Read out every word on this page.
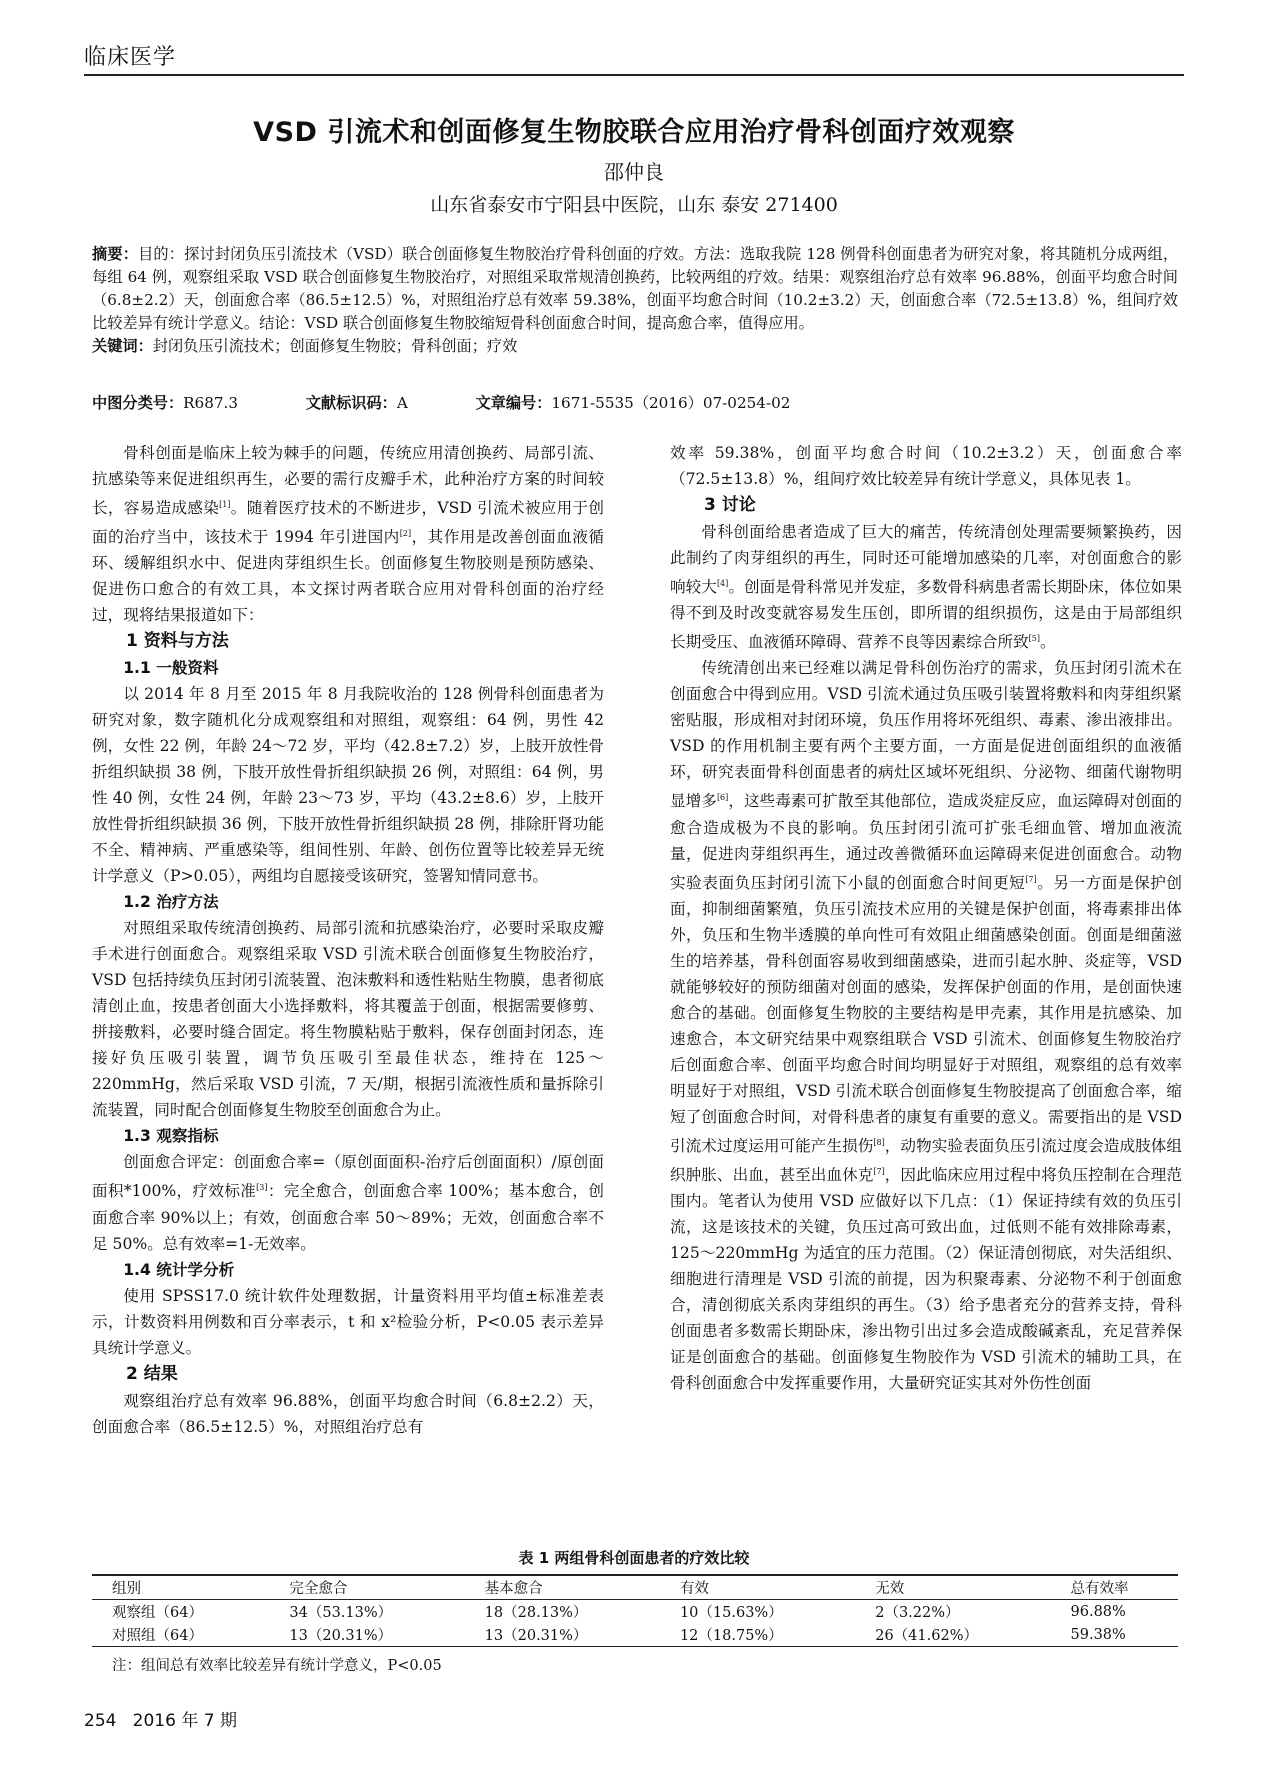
临床医学
VSD 引流术和创面修复生物胶联合应用治疗骨科创面疗效观察
邵仲良
山东省泰安市宁阳县中医院，山东 泰安 271400
摘要：目的：探讨封闭负压引流技术（VSD）联合创面修复生物胶治疗骨科创面的疗效。方法：选取我院 128 例骨科创面患者为研究对象，将其随机分成两组，每组 64 例，观察组采取 VSD 联合创面修复生物胶治疗，对照组采取常规清创换药，比较两组的疗效。结果：观察组治疗总有效率 96.88%，创面平均愈合时间（6.8±2.2）天，创面愈合率（86.5±12.5）%，对照组治疗总有效率 59.38%，创面平均愈合时间（10.2±3.2）天，创面愈合率（72.5±13.8）%，组间疗效比较差异有统计学意义。结论：VSD 联合创面修复生物胶缩短骨科创面愈合时间，提高愈合率，值得应用。
关键词：封闭负压引流技术；创面修复生物胶；骨科创面；疗效
中图分类号：R687.3	文献标识码：A	文章编号：1671-5535（2016）07-0254-02

骨科创面是临床上较为棘手的问题，传统应用清创换药、局部引流、抗感染等来促进组织再生，必要的需行皮瓣手术，此种治疗方案的时间较长，容易造成感染[1]。随着医疗技术的不断进步，VSD 引流术被应用于创面的治疗当中，该技术于 1994 年引进国内[2]，其作用是改善创面血液循环、缓解组织水中、促进肉芽组织生长。创面修复生物胶则是预防感染、促进伤口愈合的有效工具，本文探讨两者联合应用对骨科创面的治疗经过，现将结果报道如下：

1 资料与方法
1.1 一般资料

以 2014 年 8 月至 2015 年 8 月我院收治的 128 例骨科创面患者为研究对象，数字随机化分成观察组和对照组，观察组：64 例，男性 42 例，女性 22 例，年龄 24～72 岁，平均（42.8±7.2）岁，上肢开放性骨折组织缺损 38 例，下肢开放性骨折组织缺损 26 例，对照组：64 例，男性 40 例，女性 24 例，年龄 23～73 岁，平均（43.2±8.6）岁，上肢开放性骨折组织缺损 36 例，下肢开放性骨折组织缺损 28 例，排除肝肾功能不全、精神病、严重感染等，组间性别、年龄、创伤位置等比较差异无统计学意义（P>0.05），两组均自愿接受该研究，签署知情同意书。

1.2 治疗方法

对照组采取传统清创换药、局部引流和抗感染治疗，必要时采取皮瓣手术进行创面愈合。观察组采取 VSD 引流术联合创面修复生物胶治疗，VSD 包括持续负压封闭引流装置、泡沫敷料和透性粘贴生物膜，患者彻底清创止血，按患者创面大小选择敷料，将其覆盖于创面，根据需要修剪、拼接敷料，必要时缝合固定。将生物膜粘贴于敷料，保存创面封闭态，连接好负压吸引装置，调节负压吸引至最佳状态，维持在 125～220mmHg，然后采取 VSD 引流，7 天/期，根据引流液性质和量拆除引流装置，同时配合创面修复生物胶至创面愈合为止。

1.3 观察指标

创面愈合评定：创面愈合率=（原创面面积-治疗后创面面积）/原创面面积*100%，疗效标准[3]：完全愈合，创面愈合率 100%；基本愈合，创面愈合率 90%以上；有效，创面愈合率 50～89%；无效，创面愈合率不足 50%。总有效率=1-无效率。

1.4 统计学分析

使用 SPSS17.0 统计软件处理数据，计量资料用平均值±标准差表示，计数资料用例数和百分率表示，t 和 x²检验分析，P<0.05 表示差异具统计学意义。

2 结果

观察组治疗总有效率 96.88%，创面平均愈合时间（6.8±2.2）天，创面愈合率（86.5±12.5）%，对照组治疗总有

效率 59.38%，创面平均愈合时间（10.2±3.2）天，创面愈合率（72.5±13.8）%，组间疗效比较差异有统计学意义，具体见表 1。

3 讨论

骨科创面给患者造成了巨大的痛苦，传统清创处理需要频繁换药，因此制约了肉芽组织的再生，同时还可能增加感染的几率，对创面愈合的影响较大[4]。创面是骨科常见并发症，多数骨科病患者需长期卧床，体位如果得不到及时改变就容易发生压创，即所谓的组织损伤，这是由于局部组织长期受压、血液循环障碍、营养不良等因素综合所致[5]。

传统清创出来已经难以满足骨科创伤治疗的需求，负压封闭引流术在创面愈合中得到应用。VSD 引流术通过负压吸引装置将敷料和肉芽组织紧密贴服，形成相对封闭环境，负压作用将坏死组织、毒素、渗出液排出。VSD 的作用机制主要有两个主要方面，一方面是促进创面组织的血液循环，研究表面骨科创面患者的病灶区域坏死组织、分泌物、细菌代谢物明显增多[6]，这些毒素可扩散至其他部位，造成炎症反应，血运障碍对创面的愈合造成极为不良的影响。负压封闭引流可扩张毛细血管、增加血液流量，促进肉芽组织再生，通过改善微循环血运障碍来促进创面愈合。动物实验表面负压封闭引流下小鼠的创面愈合时间更短[7]。另一方面是保护创面，抑制细菌繁殖，负压引流技术应用的关键是保护创面，将毒素排出体外，负压和生物半透膜的单向性可有效阻止细菌感染创面。创面是细菌滋生的培养基，骨科创面容易收到细菌感染，进而引起水肿、炎症等，VSD 就能够较好的预防细菌对创面的感染，发挥保护创面的作用，是创面快速愈合的基础。创面修复生物胶的主要结构是甲壳素，其作用是抗感染、加速愈合，本文研究结果中观察组联合 VSD 引流术、创面修复生物胶治疗后创面愈合率、创面平均愈合时间均明显好于对照组，观察组的总有效率明显好于对照组，VSD 引流术联合创面修复生物胶提高了创面愈合率，缩短了创面愈合时间，对骨科患者的康复有重要的意义。需要指出的是 VSD 引流术过度运用可能产生损伤[8]，动物实验表面负压引流过度会造成肢体组织肿胀、出血，甚至出血休克[7]，因此临床应用过程中将负压控制在合理范围内。笔者认为使用 VSD 应做好以下几点：（1）保证持续有效的负压引流，这是该技术的关键，负压过高可致出血，过低则不能有效排除毒素，125～220mmHg 为适宜的压力范围。（2）保证清创彻底，对失活组织、细胞进行清理是 VSD 引流的前提，因为积聚毒素、分泌物不利于创面愈合，清创彻底关系肉芽组织的再生。（3）给予患者充分的营养支持，骨科创面患者多数需长期卧床，渗出物引出过多会造成酸碱紊乱，充足营养保证是创面愈合的基础。创面修复生物胶作为 VSD 引流术的辅助工具，在骨科创面愈合中发挥重要作用，大量研究证实其对外伤性创面

表 1 两组骨科创面患者的疗效比较
组别	完全愈合	基本愈合	有效	无效	总有效率
观察组（64）	34（53.13%）	18（28.13%）	10（15.63%）	2（3.22%）	96.88%
对照组（64）	13（20.31%）	13（20.31%）	12（18.75%）	26（41.62%）	59.38%
注：组间总有效率比较差异有统计学意义，P<0.05
254 2016 年 7 期
